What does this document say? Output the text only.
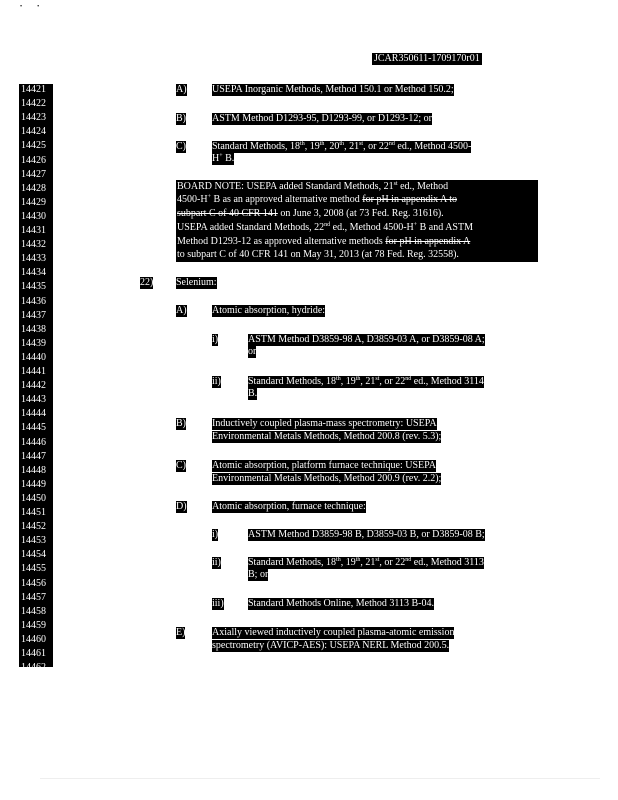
•          •
JCAR350611-1709170r01
14421
14422
14423
14424
14425
14426
14427
14428
14429
14430
14431
14432
14433
14434
14435
14436
14437
14438
14439
14440
14441
14442
14443
14444
14445
14446
14447
14448
14449
14450
14451
14452
14453
14454
14455
14456
14457
14458
14459
14460
14461
14462
A)	USEPA Inorganic Methods, Method 150.1 or Method 150.2;
B)	ASTM Method D1293-95, D1293-99, or D1293-12; or
C)	Standard Methods, 18th, 19th, 20th, 21st, or 22nd ed., Method 4500-
H+ B.
BOARD NOTE: USEPA added Standard Methods, 21st ed., Method
4500-H+ B as an approved alternative method for pH in appendix A to
subpart C of 40 CFR 141 on June 3, 2008 (at 73 Fed. Reg. 31616).
USEPA added Standard Methods, 22nd ed., Method 4500-H+ B and ASTM
Method D1293-12 as approved alternative methods for pH in appendix A
to subpart C of 40 CFR 141 on May 31, 2013 (at 78 Fed. Reg. 32558).
22) Selenium:
A)	Atomic absorption, hydride:
i)	ASTM Method D3859-98 A, D3859-03 A, or D3859-08 A;
or
ii)	Standard Methods, 18th, 19th, 21st, or 22nd ed., Method 3114
B.
B)	Inductively coupled plasma-mass spectrometry: USEPA
Environmental Metals Methods, Method 200.8 (rev. 5.3);
C)	Atomic absorption, platform furnace technique: USEPA
Environmental Metals Methods, Method 200.9 (rev. 2.2);
D)	Atomic absorption, furnace technique:
i)	ASTM Method D3859-98 B, D3859-03 B, or D3859-08 B;
ii)	Standard Methods, 18th, 19th, 21st, or 22nd ed., Method 3113
B; or
iii) Standard Methods Online, Method 3113 B-04.
E)	Axially viewed inductively coupled plasma-atomic emission
spectrometry (AVICP-AES): USEPA NERL Method 200.5.
